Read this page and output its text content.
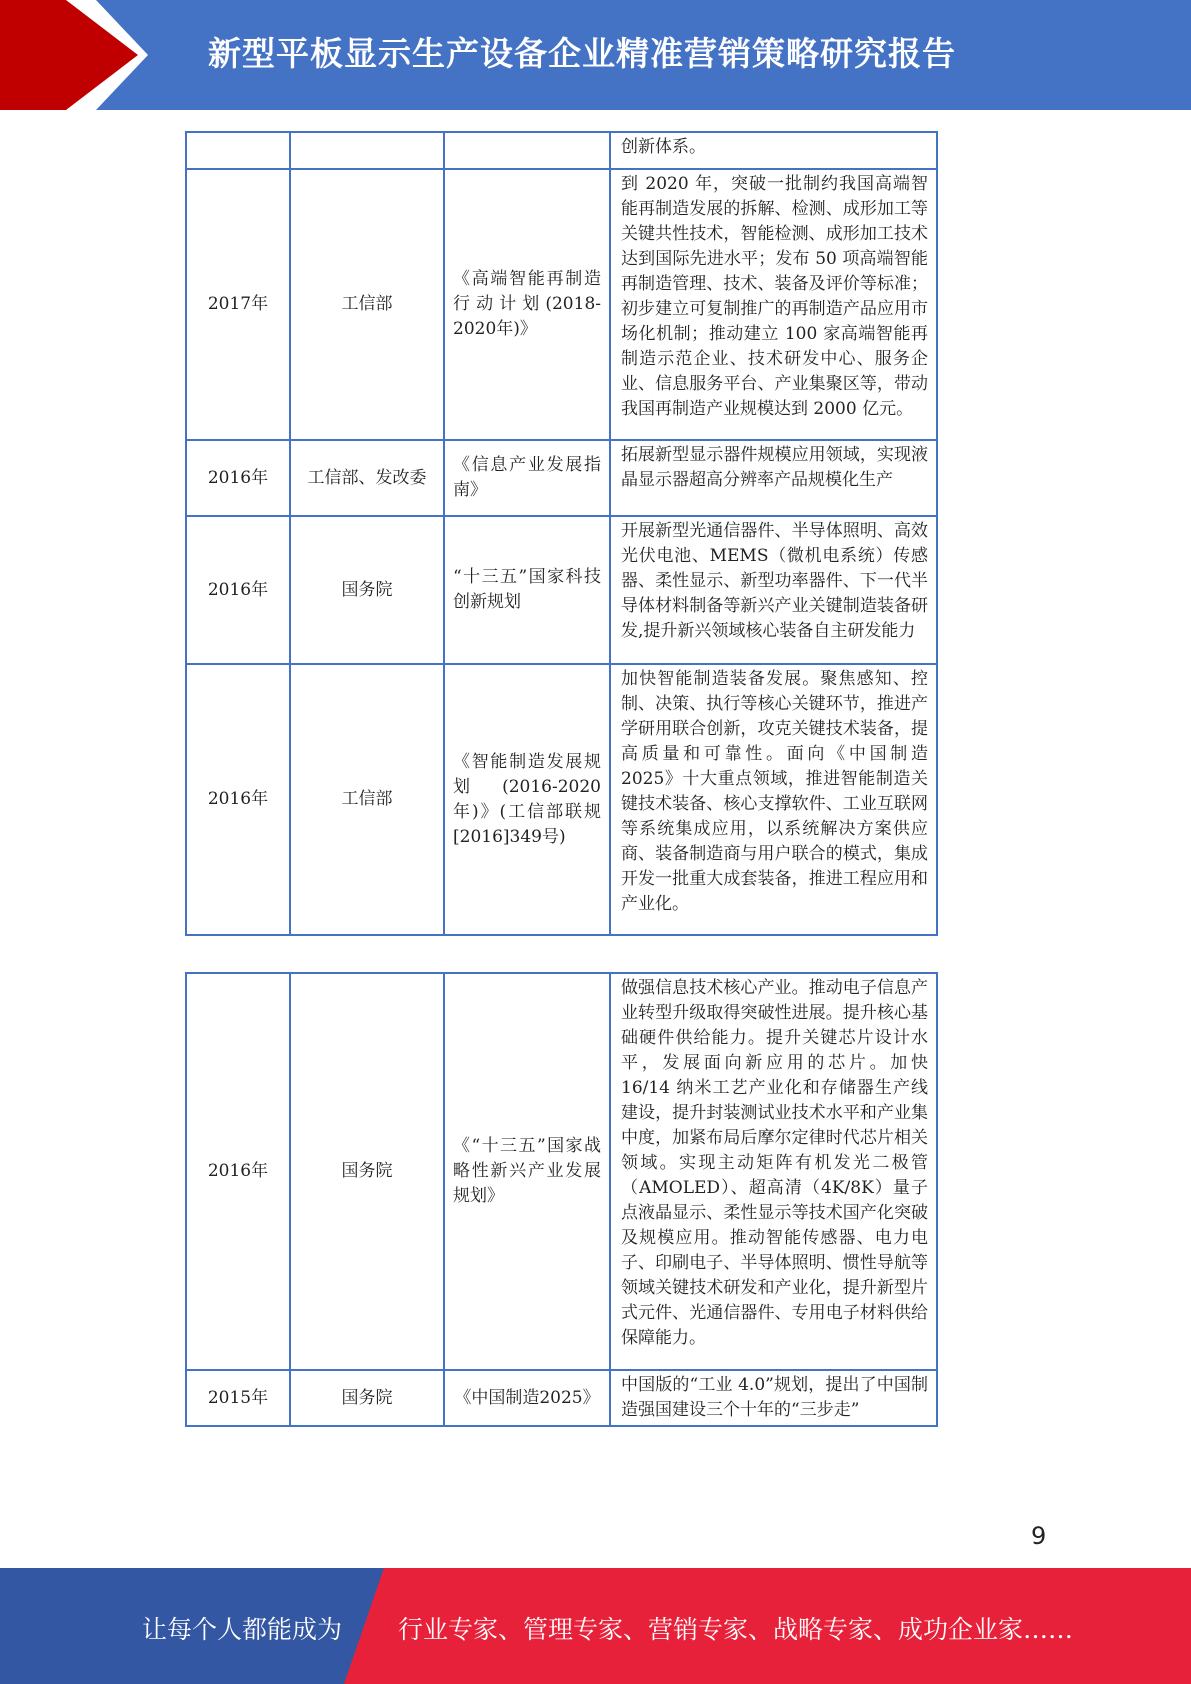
新型平板显示生产设备企业精准营销策略研究报告
			创新体系。
2017年	工信部	《高端智能再制造行动计划(2018-2020年)》	到 2020 年，突破一批制约我国高端智能再制造发展的拆解、检测、成形加工等关键共性技术，智能检测、成形加工技术达到国际先进水平；发布 50 项高端智能再制造管理、技术、装备及评价等标准；初步建立可复制推广的再制造产品应用市场化机制；推动建立 100 家高端智能再制造示范企业、技术研发中心、服务企业、信息服务平台、产业集聚区等，带动我国再制造产业规模达到 2000 亿元。
2016年	工信部、发改委	《信息产业发展指南》	拓展新型显示器件规模应用领域，实现液晶显示器超高分辨率产品规模化生产
2016年	国务院	“十三五”国家科技创新规划	开展新型光通信器件、半导体照明、高效光伏电池、MEMS（微机电系统）传感器、柔性显示、新型功率器件、下一代半导体材料制备等新兴产业关键制造装备研发,提升新兴领域核心装备自主研发能力
2016年	工信部	《智能制造发展规划(2016-2020年)》(工信部联规[2016]349号)	加快智能制造装备发展。聚焦感知、控制、决策、执行等核心关键环节，推进产学研用联合创新，攻克关键技术装备，提高质量和可靠性。面向《中国制造 2025》十大重点领域，推进智能制造关键技术装备、核心支撑软件、工业互联网等系统集成应用，以系统解决方案供应商、装备制造商与用户联合的模式，集成开发一批重大成套装备，推进工程应用和产业化。
2016年	国务院	《“十三五”国家战略性新兴产业发展规划》	做强信息技术核心产业。推动电子信息产业转型升级取得突破性进展。提升核心基础硬件供给能力。提升关键芯片设计水平，发展面向新应用的芯片。加快 16/14 纳米工艺产业化和存储器生产线建设，提升封装测试业技术水平和产业集中度，加紧布局后摩尔定律时代芯片相关领域。实现主动矩阵有机发光二极管（AMOLED）、超高清（4K/8K）量子点液晶显示、柔性显示等技术国产化突破及规模应用。推动智能传感器、电力电子、印刷电子、半导体照明、惯性导航等领域关键技术研发和产业化，提升新型片式元件、光通信器件、专用电子材料供给保障能力。
2015年	国务院	《中国制造2025》	中国版的“工业 4.0”规划，提出了中国制造强国建设三个十年的“三步走”
9
让每个人都能成为 行业专家、管理专家、营销专家、战略专家、成功企业家……
